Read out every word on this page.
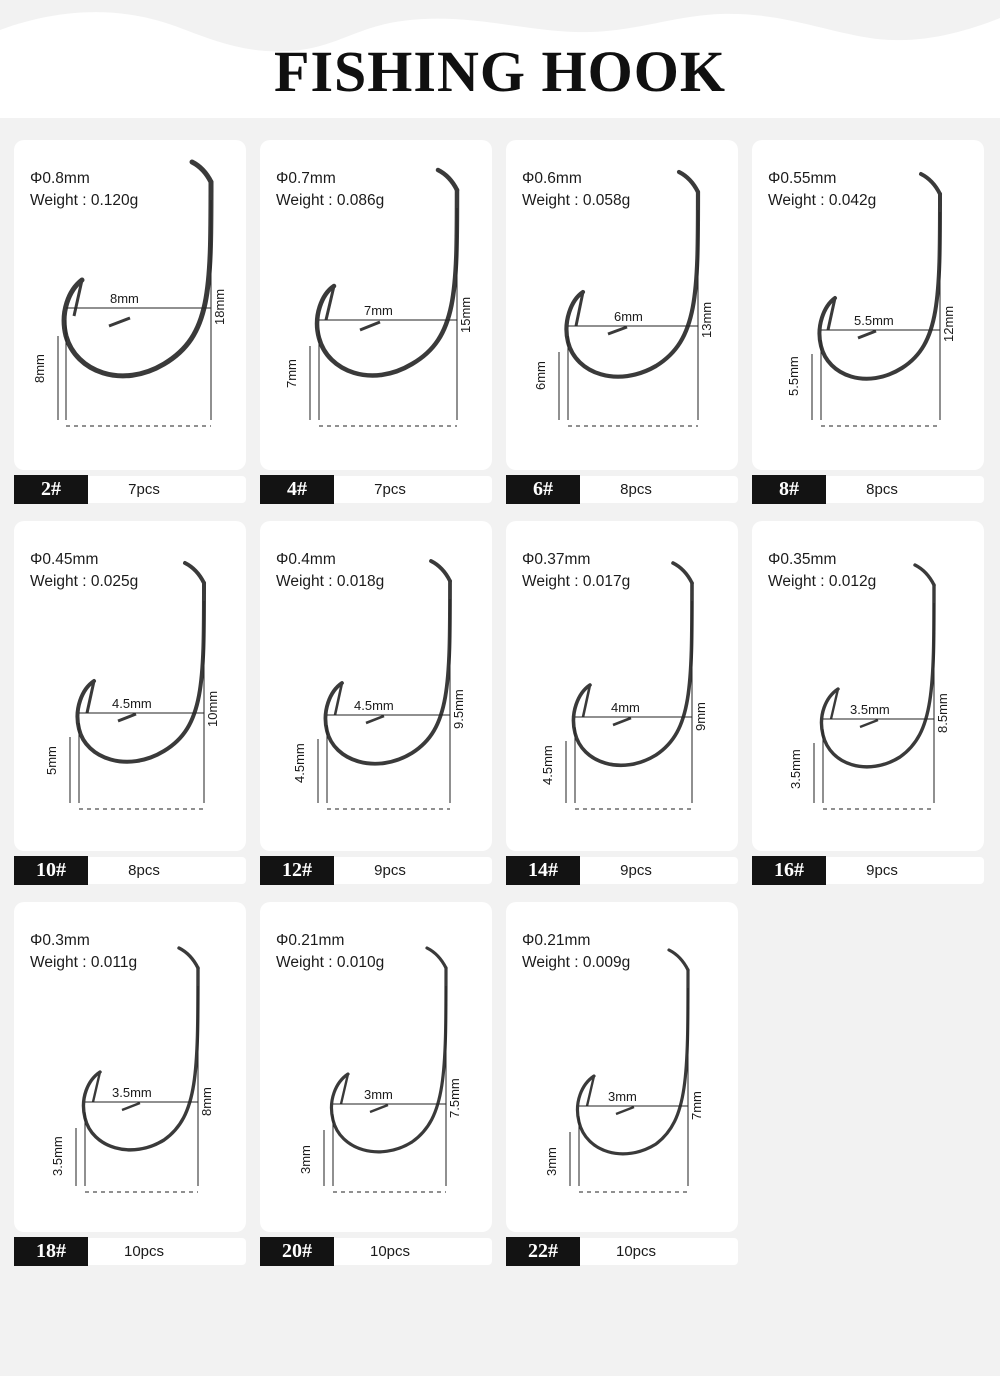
FISHING HOOK
Φ0.8mm
Weight : 0.120g
8mm	18mm
8mm
2#	7pcs
Φ0.7mm
Weight : 0.086g
7mm	15mm
7mm
4#	7pcs
Φ0.6mm
Weight : 0.058g
6mm	13mm
6mm
6#	8pcs
Φ0.55mm
Weight : 0.042g
5.5mm	12mm
5.5mm
8#	8pcs
Φ0.45mm
Weight : 0.025g
4.5mm	10mm
5mm
10#	8pcs
Φ0.4mm
Weight : 0.018g
4.5mm	9.5mm
4.5mm
12#	9pcs
Φ0.37mm
Weight : 0.017g
4mm	9mm
4.5mm
14#	9pcs
Φ0.35mm
Weight : 0.012g
3.5mm	8.5mm
3.5mm
16#	9pcs
Φ0.3mm
Weight : 0.011g
3.5mm	8mm
3.5mm
18#	10pcs
Φ0.21mm
Weight : 0.010g
3mm	7.5mm
3mm
20#	10pcs
Φ0.21mm
Weight : 0.009g
3mm	7mm
3mm
22#	10pcs
